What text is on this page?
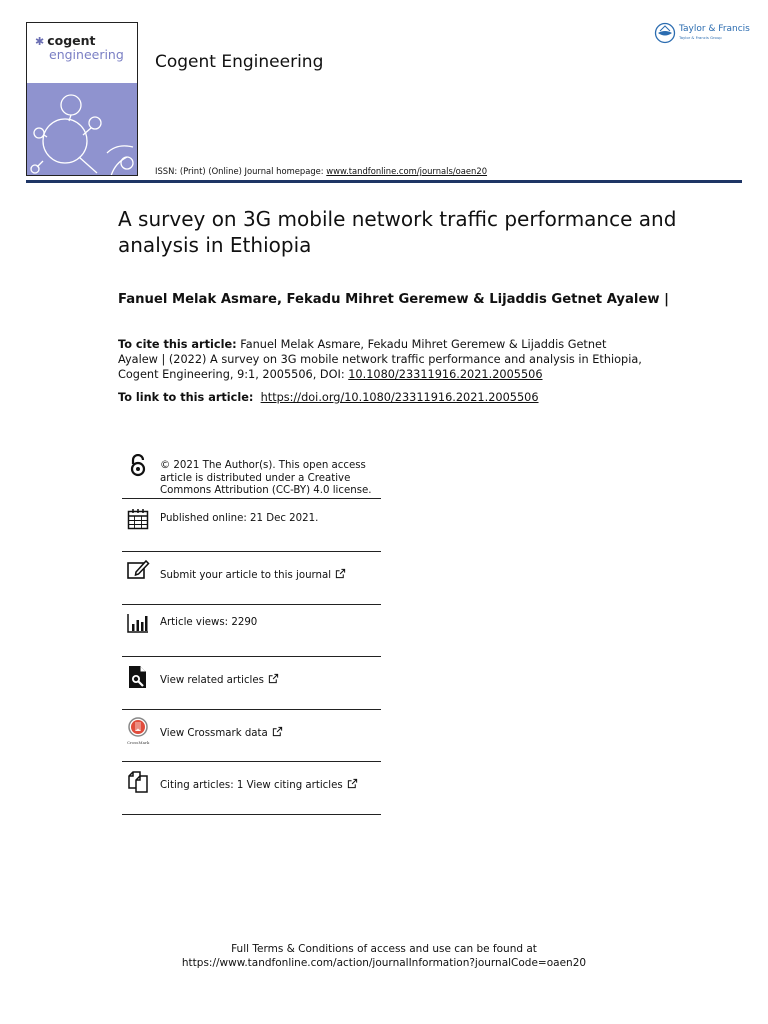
✱ cogent
engineering Cogent Engineering
Taylor & Francis
Taylor & Francis Group
ISSN: (Print) (Online) Journal homepage: www.tandfonline.com/journals/oaen20
A survey on 3G mobile network traffic performance and analysis in Ethiopia
Fanuel Melak Asmare, Fekadu Mihret Geremew & Lijaddis Getnet Ayalew |
To cite this article: Fanuel Melak Asmare, Fekadu Mihret Geremew & Lijaddis Getnet Ayalew | (2022) A survey on 3G mobile network traffic performance and analysis in Ethiopia, Cogent Engineering, 9:1, 2005506, DOI: 10.1080/23311916.2021.2005506
To link to this article: https://doi.org/10.1080/23311916.2021.2005506
© 2021 The Author(s). This open access
article is distributed under a Creative
Commons Attribution (CC-BY) 4.0 license.
Published online: 21 Dec 2021.
Submit your article to this journal
Article views: 2290
View related articles
CrossMark
View Crossmark data
Citing articles: 1 View citing articles
Full Terms & Conditions of access and use can be found at
https://www.tandfonline.com/action/journalInformation?journalCode=oaen20
